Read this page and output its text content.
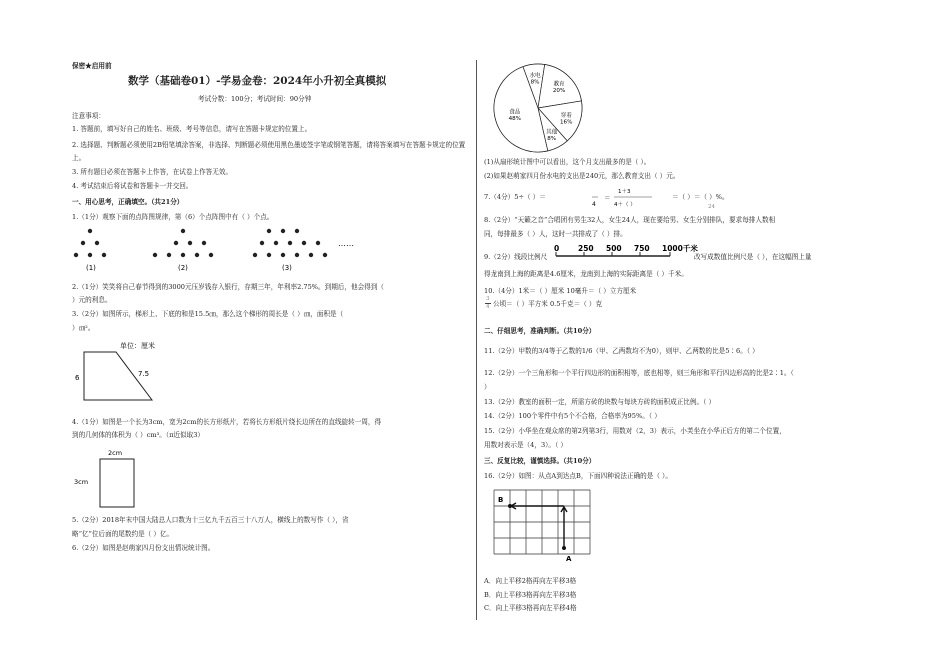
保密★启用前
数学（基础卷01）-学易金卷：2024年小升初全真模拟
考试分数：100分；考试时间：90分钟
注意事项：
1. 答题前，填写好自己的姓名、班级、考号等信息，请写在答题卡规定的位置上。
2. 选择题、判断题必须使用2B铅笔填涂答案，非选择、判断题必须使用黑色墨迹签字笔或钢笔答题，请将答案填写在答题卡规定的位置上。
3. 所有题目必须在答题卡上作答，在试卷上作答无效。
4. 考试结束后将试卷和答题卡一并交回。
一、用心思考，正确填空。（共21分）
1.（1分）观察下面的点阵图规律，第（6）个点阵图中有（ ）个点。
(1)	(2)	(3)
……
2.（1分）笑笑将自己春节得到的3000元压岁钱存入银行，存期三年，年利率2.75%。到期后，他会得到（
）元的利息。
3.（2分）如图所示，梯形上、下底的和是15.5㎝，那么这个梯形的周长是（ ）㎝，面积是（
）㎝²。
单位：厘米
6	7.5
4.（1分）如图是一个长为3cm，宽为2cm的长方形纸片，若将长方形纸片绕长边所在的直线旋转一周，得
到的几何体的体积为（ ）cm³。（π近似取3）
2cm
3cm
5.（2分）2018年末中国大陆总人口数为十三亿九千五百三十八万人，横线上的数写作（ ），省
略“亿”位后面的尾数约是（ ）亿。
6.（2分）如图是赵萌家四月份支出情况统计图。
水电
8% 教育
20%
穿着
16%
其他
8%
食品
48%
(1)从扇形统计图中可以看出，这个月支出最多的是（ ）。
(2)如果赵萌家四月份水电的支出是240元，那么教育支出（ ）元。
7.（4分）5÷（ ）＝
4
＝
1＋3
4＋（ ）
＝（ ）＝（ ）%。
24
8.（2分）“天籁之音”合唱团有男生32人，女生24人，现在要给男、女生分别排队，要求每排人数相
同，每排最多（ ）人，这时一共排成了（ ）排。
9.（2分）线段比例尺
0	250 500 750 1000千米
改写成数值比例尺是（ ），在这幅图上量
得龙南到上海的距离是4.6厘米，龙南到上海的实际距离是（ ）千米。
10.（4分）1米＝（ ）厘米 10毫升＝（ ）立方厘米
3
4 公顷＝（ ）平方米 0.5千克＝（ ）克
二、仔细思考，准确判断。（共10分）
11.（2分）甲数的3/4等于乙数的1/6（甲、乙两数均不为0），则甲、乙两数的比是5∶6。（ ）
12.（2分）一个三角形和一个平行四边形的面积相等，底也相等，则三角形和平行四边形高的比是2∶1。（
）
13.（2分）教室的面积一定，所需方砖的块数与每块方砖的面积成正比例。（ ）
14.（2分）100个零件中有5个不合格，合格率为95%。（ ）
15.（2分）小华坐在观众席的第2列第3行，用数对（2，3）表示，小芙坐在小华正后方的第二个位置，
用数对表示是（4，3）。（ ）
三、反复比较，谨慎选择。（共10分）
16.（2分）如图：从点A到达点B，下面四种说法正确的是（ ）。
B
A
A．向上平移2格再向左平移3格
B．向上平移3格再向左平移3格
C．向上平移3格再向左平移4格
